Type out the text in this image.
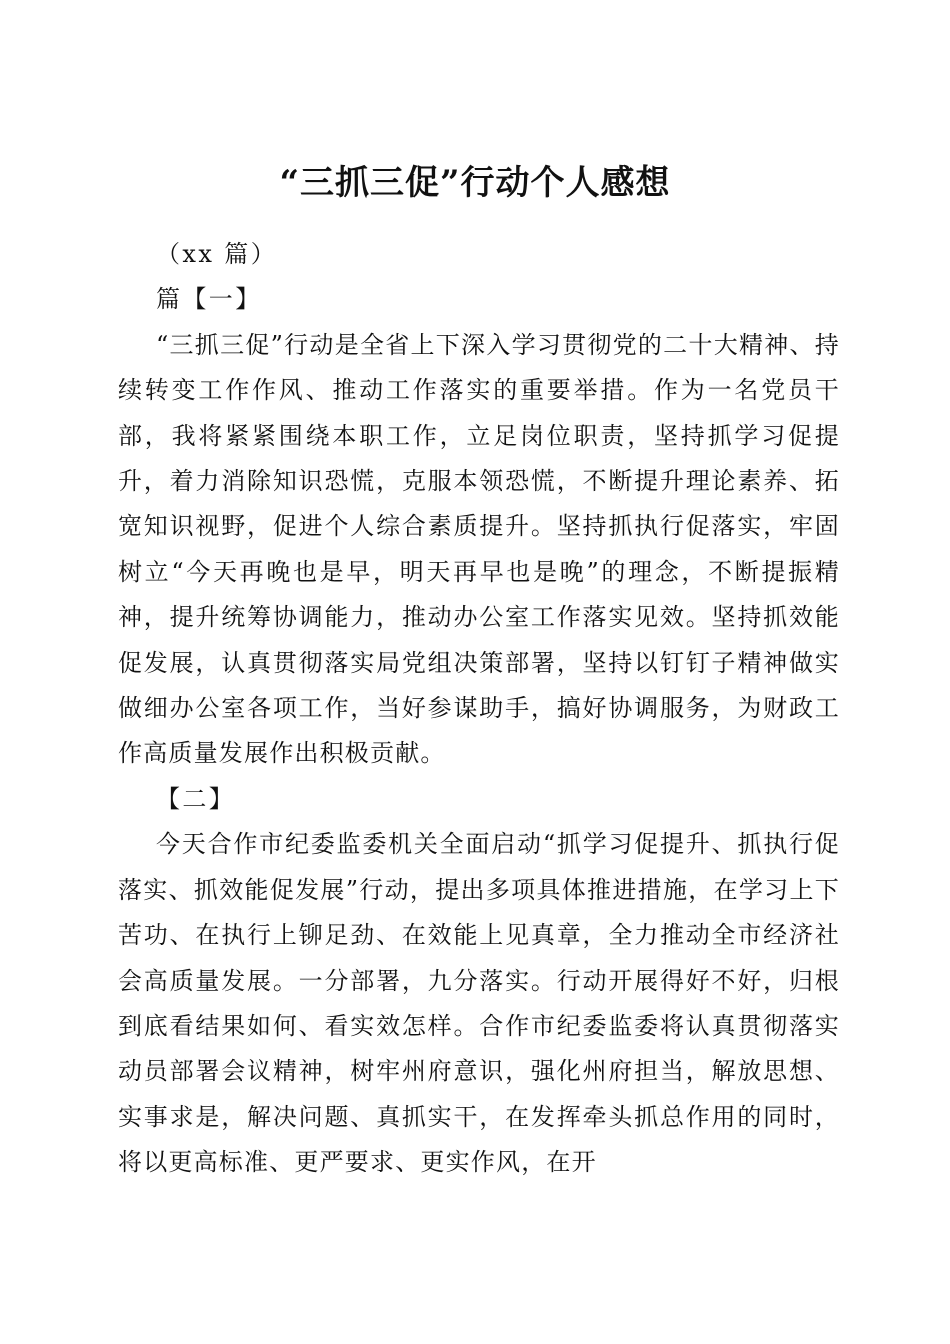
“三抓三促”行动个人感想

（xx 篇）

篇【一】

“三抓三促”行动是全省上下深入学习贯彻党的二十大精神、持续转变工作作风、推动工作落实的重要举措。作为一名党员干部，我将紧紧围绕本职工作，立足岗位职责，坚持抓学习促提升，着力消除知识恐慌，克服本领恐慌，不断提升理论素养、拓宽知识视野，促进个人综合素质提升。坚持抓执行促落实，牢固树立“今天再晚也是早，明天再早也是晚”的理念，不断提振精神，提升统筹协调能力，推动办公室工作落实见效。坚持抓效能促发展，认真贯彻落实局党组决策部署，坚持以钉钉子精神做实做细办公室各项工作，当好参谋助手，搞好协调服务，为财政工作高质量发展作出积极贡献。

【二】

今天合作市纪委监委机关全面启动“抓学习促提升、抓执行促落实、抓效能促发展”行动，提出多项具体推进措施，在学习上下苦功、在执行上铆足劲、在效能上见真章，全力推动全市经济社会高质量发展。一分部署，九分落实。行动开展得好不好，归根到底看结果如何、看实效怎样。合作市纪委监委将认真贯彻落实动员部署会议精神，树牢州府意识，强化州府担当，解放思想、实事求是，解决问题、真抓实干，在发挥牵头抓总作用的同时，将以更高标准、更严要求、更实作风，在开
